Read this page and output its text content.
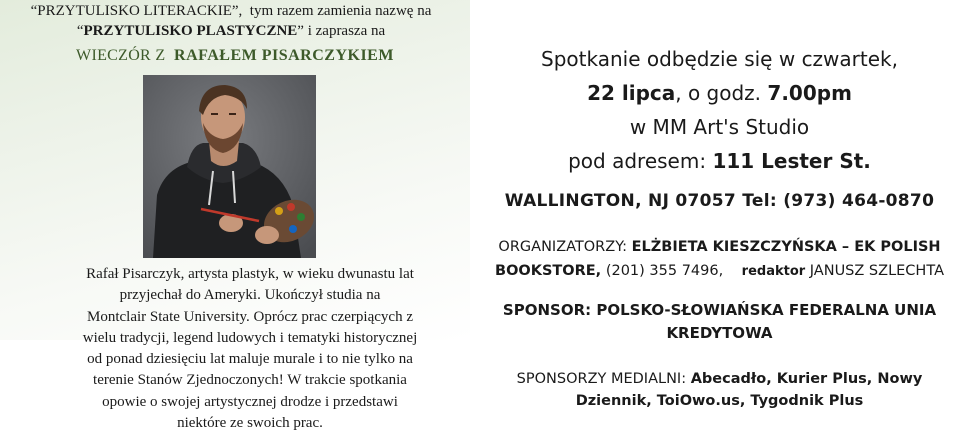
“PRZYTULISKO LITERACKIE”, tym razem zamienia nazwę na
“PRZYTULISKO PLASTYCZNE” i zaprasza na
WIECZÓR Z RAFAŁEM PISARCZYKIEM
Rafał Pisarczyk, artysta plastyk, w wieku dwunastu lat
przyjechał do Ameryki. Ukończył studia na
Montclair State University. Oprócz prac czerpiących z
wielu tradycji, legend ludowych i tematyki historycznej
od ponad dziesięciu lat maluje murale i to nie tylko na
terenie Stanów Zjednoczonych! W trakcie spotkania
opowie o swojej artystycznej drodze i przedstawi
niektóre ze swoich prac.
Spotkanie odbędzie się w czwartek,
22 lipca, o godz. 7.00pm
w MM Art's Studio
pod adresem: 111 Lester St.
WALLINGTON, NJ 07057 Tel: (973) 464-0870
ORGANIZATORZY: ELŻBIETA KIESZCZYŃSKA – EK POLISH
BOOKSTORE, (201) 355 7496, redaktor JANUSZ SZLECHTA
SPONSOR: POLSKO-SŁOWIAŃSKA FEDERALNA UNIA
KREDYTOWA
SPONSORZY MEDIALNI: Abecadło, Kurier Plus, Nowy
Dziennik, ToiOwo.us, Tygodnik Plus
